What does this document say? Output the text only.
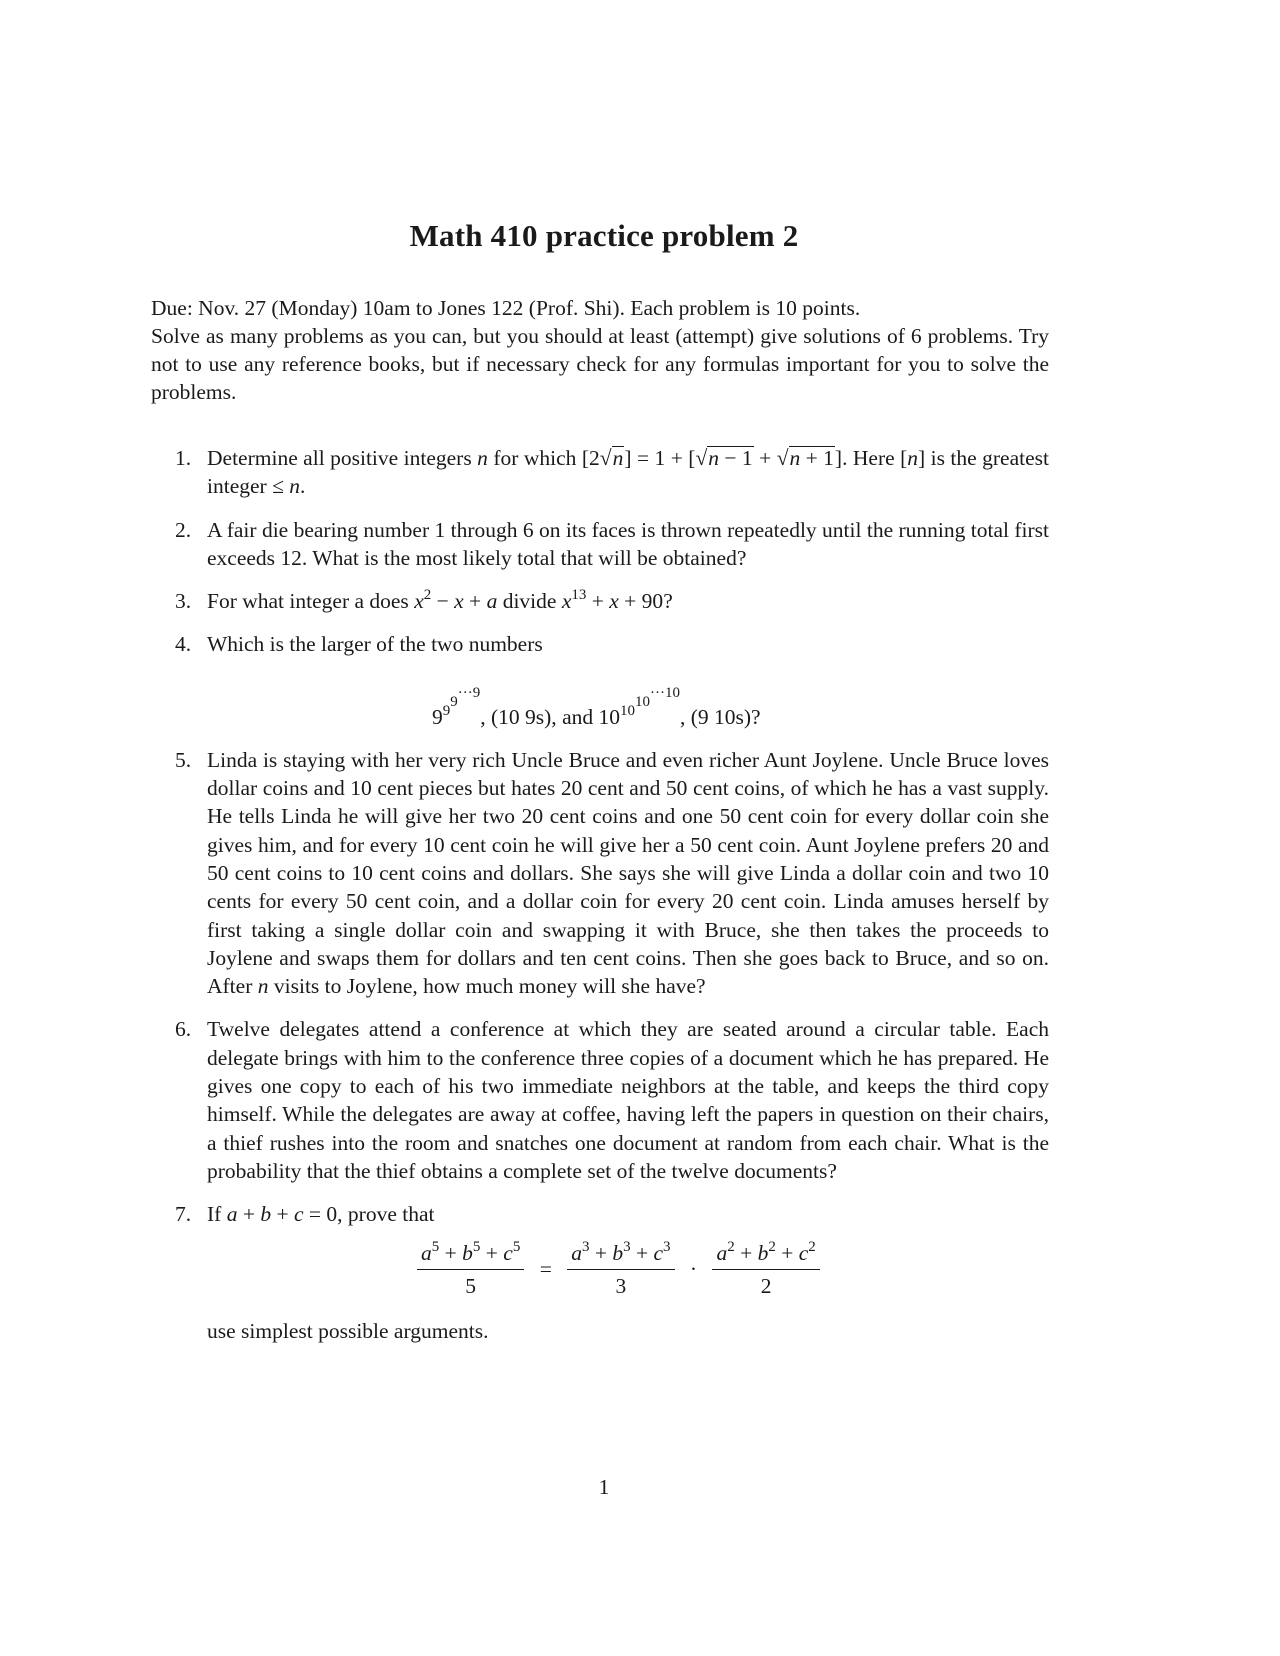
Math 410 practice problem 2

Due: Nov. 27 (Monday) 10am to Jones 122 (Prof. Shi). Each problem is 10 points.

Solve as many problems as you can, but you should at least (attempt) give solutions of 6 problems. Try not to use any reference books, but if necessary check for any formulas important for you to solve the problems.

1. Determine all positive integers n for which [2√n] = 1 + [√n − 1 + √n + 1]. Here [n] is the greatest integer ≤ n.
2. A fair die bearing number 1 through 6 on its faces is thrown repeatedly until the running total first exceeds 12. What is the most likely total that will be obtained?
3. For what integer a does $x^2 - x + a$ divide $x^{13} + x + 90$?
4. Which is the larger of the two numbers
$9^{9^{9^{\cdot\cdot\cdot 9}}}$, (10 9s), and $10^{10^{10^{\cdot\cdot\cdot 10}}}$, (9 10s)?
5. Linda is staying with her very rich Uncle Bruce and even richer Aunt Joylene. Uncle Bruce loves dollar coins and 10 cent pieces but hates 20 cent and 50 cent coins, of which he has a vast supply. He tells Linda he will give her two 20 cent coins and one 50 cent coin for every dollar coin she gives him, and for every 10 cent coin he will give her a 50 cent coin. Aunt Joylene prefers 20 and 50 cent coins to 10 cent coins and dollars. She says she will give Linda a dollar coin and two 10 cents for every 50 cent coin, and a dollar coin for every 20 cent coin. Linda amuses herself by first taking a single dollar coin and swapping it with Bruce, she then takes the proceeds to Joylene and swaps them for dollars and ten cent coins. Then she goes back to Bruce, and so on. After n visits to Joylene, how much money will she have?
6. Twelve delegates attend a conference at which they are seated around a circular table. Each delegate brings with him to the conference three copies of a document which he has prepared. He gives one copy to each of his two immediate neighbors at the table, and keeps the third copy himself. While the delegates are away at coffee, having left the papers in question on their chairs, a thief rushes into the room and snatches one document at random from each chair. What is the probability that the thief obtains a complete set of the twelve documents?
7. If a + b + c = 0, prove that
$\frac{a^5 + b^5 + c^5}{5} = \frac{a^3 + b^3 + c^3}{3} \cdot \frac{a^2 + b^2 + c^2}{2}$
use simplest possible arguments.
1
